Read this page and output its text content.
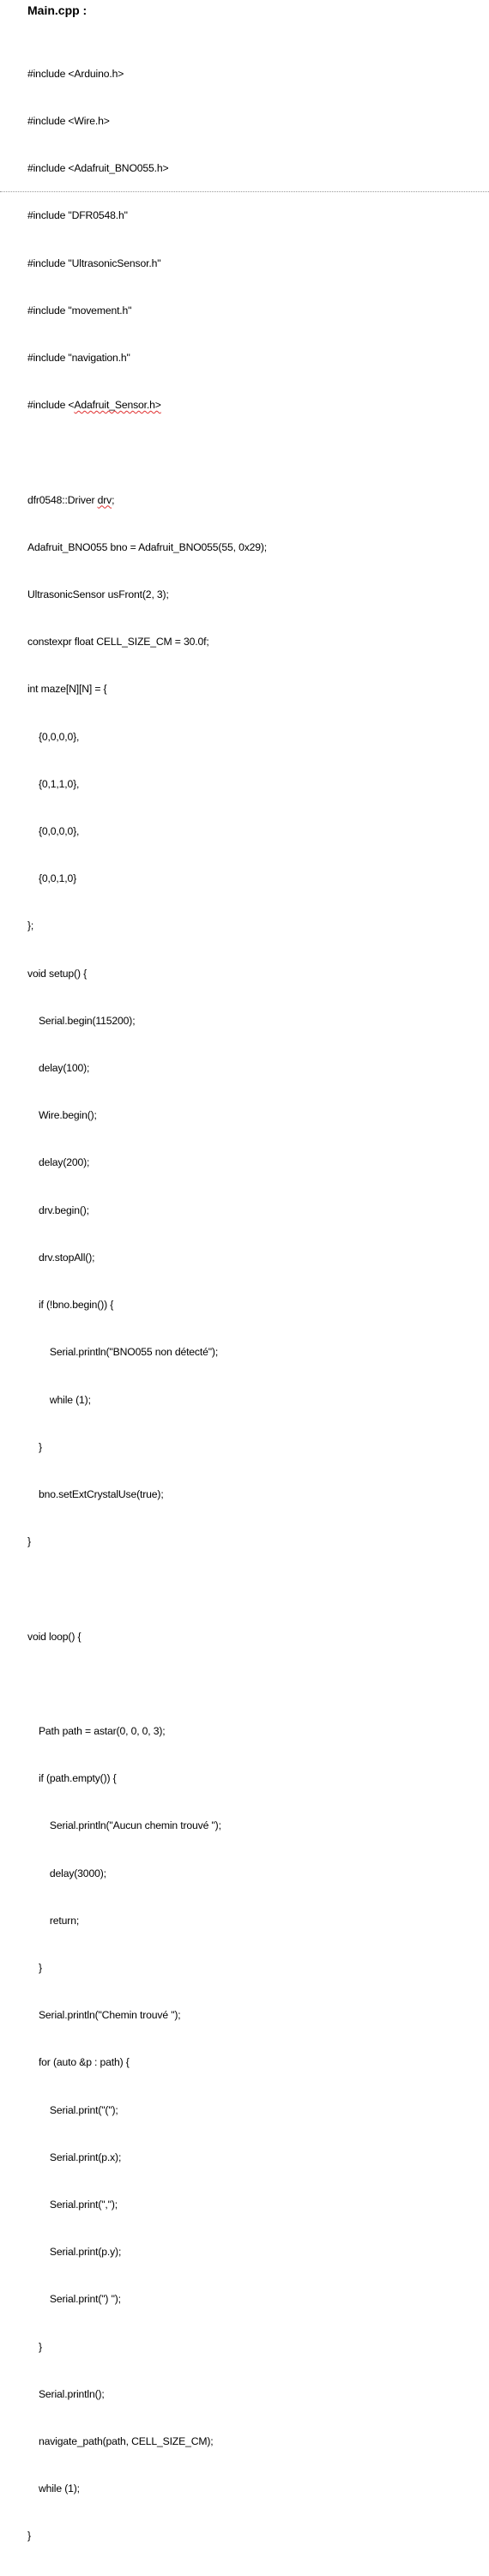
Main.cpp :

#include <Arduino.h>

#include <Wire.h>

#include <Adafruit_BNO055.h>

#include "DFR0548.h"

#include "UltrasonicSensor.h"

#include "movement.h"

#include "navigation.h"

#include <Adafruit_Sensor.h>

dfr0548::Driver drv;

Adafruit_BNO055 bno = Adafruit_BNO055(55, 0x29);

UltrasonicSensor usFront(2, 3);

constexpr float CELL_SIZE_CM = 30.0f;

int maze[N][N] = {

{0,0,0,0},

{0,1,1,0},

{0,0,0,0},

{0,0,1,0}

};

void setup() {

Serial.begin(115200);

delay(100);

Wire.begin();

delay(200);

drv.begin();

drv.stopAll();

if (!bno.begin()) {

Serial.println("BNO055 non détecté");

while (1);

}

bno.setExtCrystalUse(true);

}

void loop() {

Path path = astar(0, 0, 0, 3);

if (path.empty()) {

Serial.println("Aucun chemin trouvé ");

delay(3000);

return;

}

Serial.println("Chemin trouvé ");

for (auto &p : path) {

Serial.print("(");

Serial.print(p.x);

Serial.print(",");

Serial.print(p.y);

Serial.print(") ");

}

Serial.println();

navigate_path(path, CELL_SIZE_CM);

while (1);

}
